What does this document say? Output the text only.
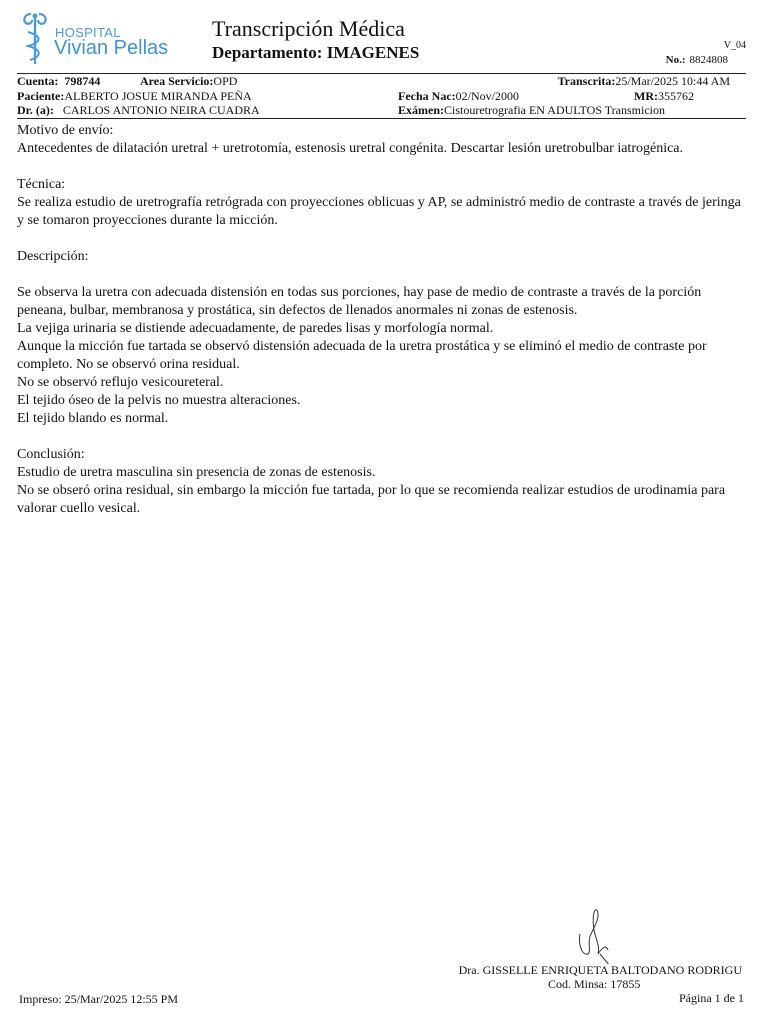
HOSPITAL
Vivian Pellas
Transcripción Médica
Departamento: IMAGENES	V_04
No.: 8824808
Cuenta: 798744	Area Servicio:OPD	Transcrita:25/Mar/2025 10:44 AM
Paciente:ALBERTO JOSUE MIRANDA PEÑA	Fecha Nac:02/Nov/2000	MR:355762
Dr. (a): CARLOS ANTONIO NEIRA CUADRA	Exámen:Cistouretrografia EN ADULTOS Transmicion

Motivo de envío:

Antecedentes de dilatación uretral + uretrotomía, estenosis uretral congénita. Descartar lesión uretrobulbar iatrogénica.

Técnica:

Se realiza estudio de uretrografía retrógrada con proyecciones oblicuas y AP, se administró medio de contraste a través de jeringa y se tomaron proyecciones durante la micción.

Descripción:

Se observa la uretra con adecuada distensión en todas sus porciones, hay pase de medio de contraste a través de la porción peneana, bulbar, membranosa y prostática, sin defectos de llenados anormales ni zonas de estenosis.

La vejiga urinaria se distiende adecuadamente, de paredes lisas y morfología normal.

Aunque la micción fue tartada se observó distensión adecuada de la uretra prostática y se eliminó el medio de contraste por completo. No se observó orina residual.

No se observó reflujo vesicoureteral.

El tejido óseo de la pelvis no muestra alteraciones.

El tejido blando es normal.

Conclusión:

Estudio de uretra masculina sin presencia de zonas de estenosis.

No se obseró orina residual, sin embargo la micción fue tartada, por lo que se recomienda realizar estudios de urodinamia para valorar cuello vesical.

Dra. GISSELLE ENRIQUETA BALTODANO RODRIGU
Cod. Minsa: 17855
Impreso: 25/Mar/2025 12:55 PM	Página 1 de 1
